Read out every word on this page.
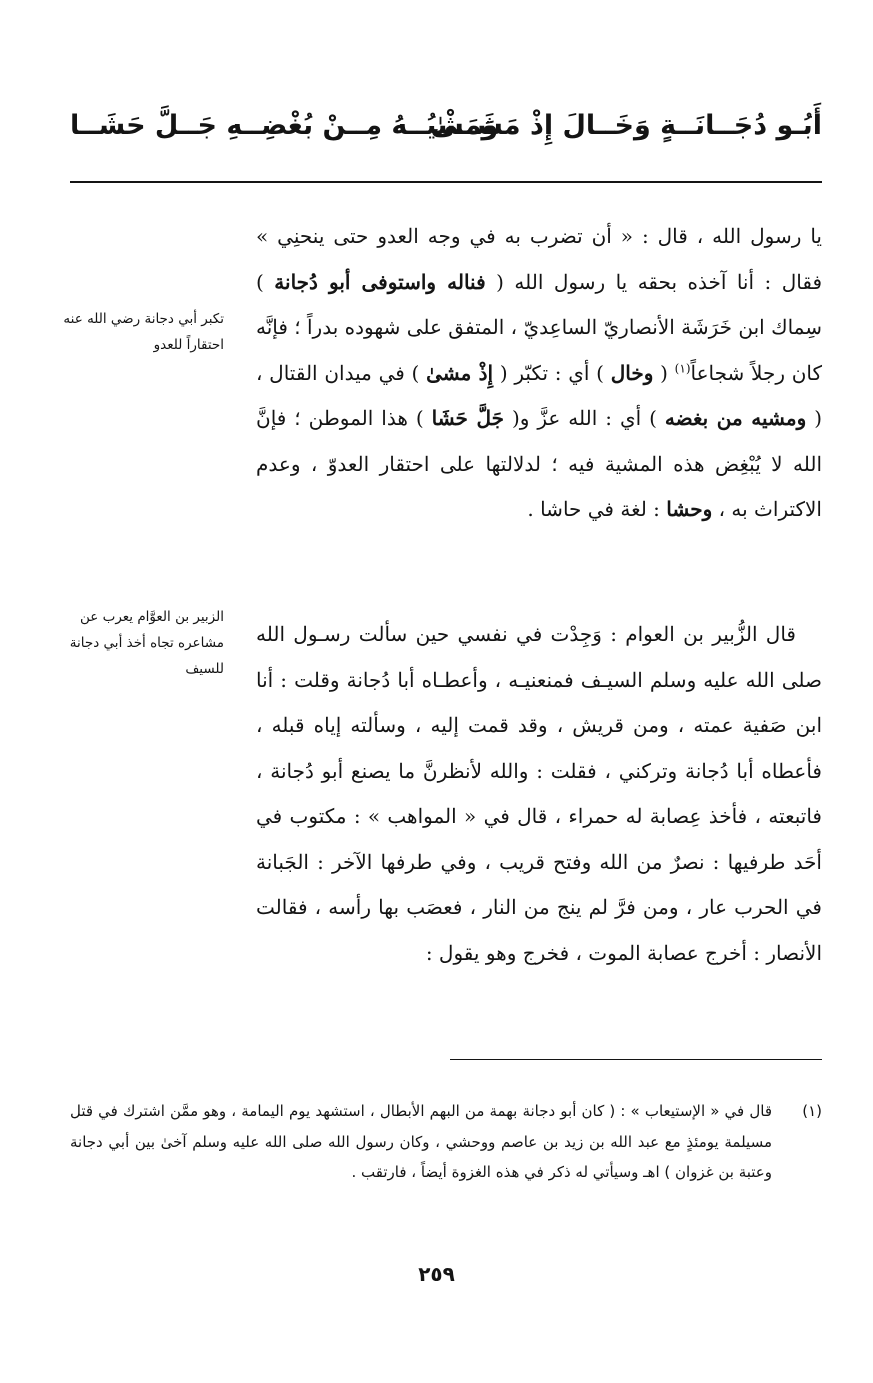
أَبُـو دُجَــانَــةٍ وَخَــالَ إِذْ مَشَــىٰ
وَمَشْيُــهُ مِــنْ بُغْضِــهِ جَــلَّ حَشَــا
يا رسول الله ، قال : « أن تضرب به في وجه العدو حتى ينحنِي » فقال : أنا آخذه بحقه يا رسول الله ( فناله واستوفى أبو دُجانة ) سِماك ابن خَرَشَة الأنصاريّ الساعِديّ ، المتفق على شهوده بدراً ؛ فإنَّه كان رجلاً شجاعاً$^{(١)}$ ( وخال ) أي : تكبّر ( إِذْ مشىٰ ) في ميدان القتال ، ( ومشيه من بغضه ) أي : الله عزَّ و( جَلَّ حَشَا ) هذا الموطن ؛ فإنَّ الله لا يُبْغِض هذه المشية فيه ؛ لدلالتها على احتقار العدوّ ، وعدم الاكتراث به ، وحشا : لغة في حاشا .
قال الزُّبير بن العوام : وَجِدْت في نفسي حين سألت رسـول الله صلى الله عليه وسلم السيـف فمنعنيـه ، وأعطـاه أبا دُجانة وقلت : أنا ابن صَفية عمته ، ومن قريش ، وقد قمت إليه ، وسألته إياه قبله ، فأعطاه أبا دُجانة وتركني ، فقلت : والله لأنظرنَّ ما يصنع أبو دُجانة ، فاتبعته ، فأخذ عِصابة له حمراء ، قال في « المواهب » : مكتوب في أحَد طرفيها : نصرٌ من الله وفتح قريب ، وفي طرفها الآخر : الجَبانة في الحرب عار ، ومن فرَّ لم ينج من النار ، فعصَب بها رأسه ، فقالت الأنصار : أخرج عصابة الموت ، فخرج وهو يقول :
تكبر أبي دجانة رضي الله عنه احتقاراً للعدو
الزبير بن العوَّام يعرب عن مشاعره تجاه أخذ أبي دجانة للسيف
(١)
قال في « الإستيعاب » : ( كان أبو دجانة بهمة من البهم الأبطال ، استشهد يوم اليمامة ، وهو ممَّن اشترك في قتل مسيلمة يومئذٍ مع عبد الله بن زيد بن عاصم ووحشي ، وكان رسول الله صلى الله عليه وسلم آخىٰ بين أبي دجانة وعتبة بن غزوان ) اهـ وسيأتي له ذكر في هذه الغزوة أيضاً ، فارتقب .
٢٥٩
